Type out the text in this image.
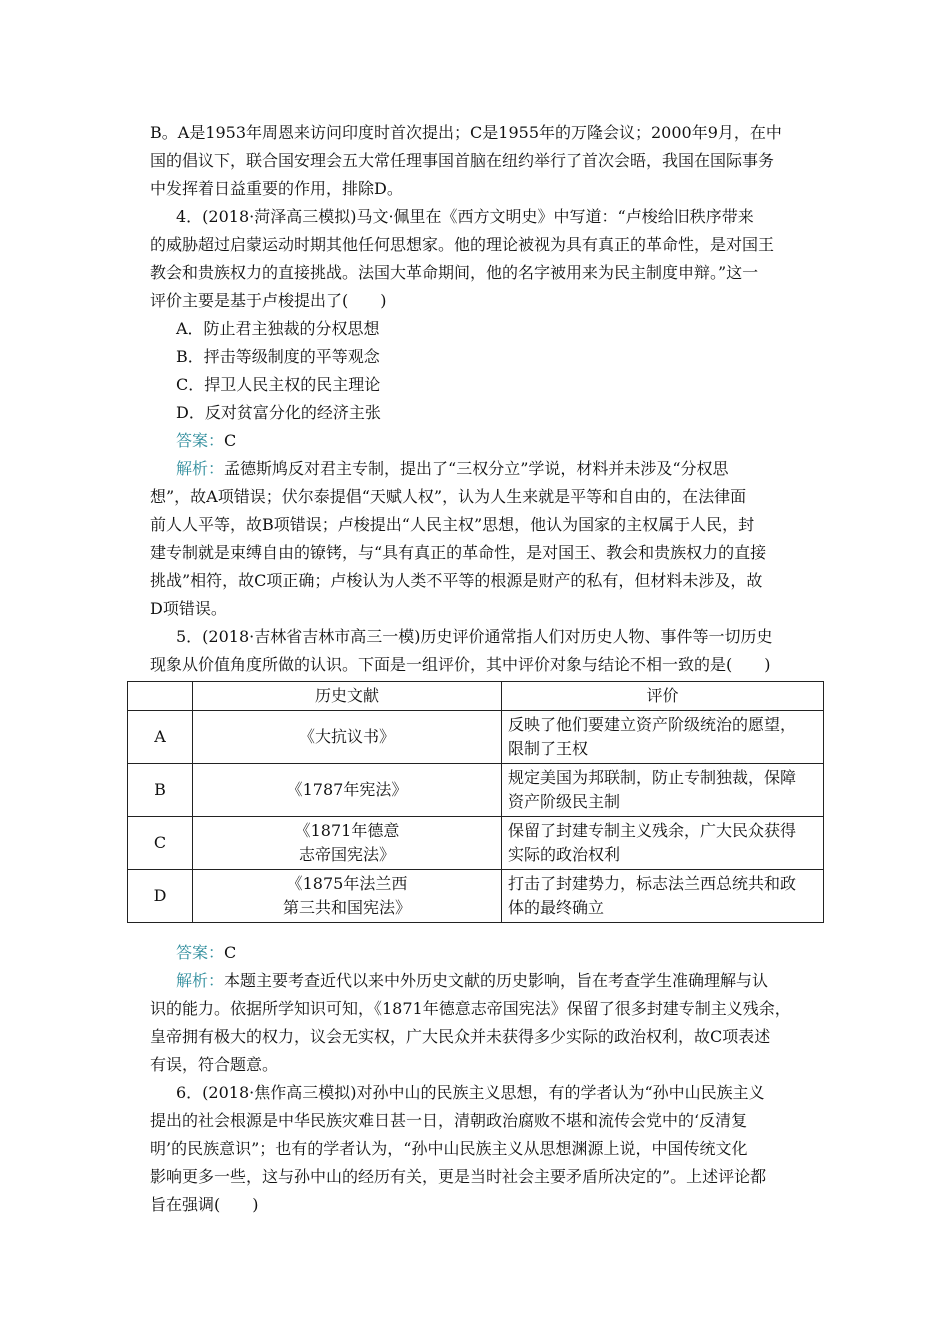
B。A是1953年周恩来访问印度时首次提出；C是1955年的万隆会议；2000年9月，在中
国的倡议下，联合国安理会五大常任理事国首脑在纽约举行了首次会晤，我国在国际事务
中发挥着日益重要的作用，排除D。
4．(2018·菏泽高三模拟)马文·佩里在《西方文明史》中写道：“卢梭给旧秩序带来
的威胁超过启蒙运动时期其他任何思想家。他的理论被视为具有真正的革命性，是对国王
教会和贵族权力的直接挑战。法国大革命期间，他的名字被用来为民主制度申辩。”这一
评价主要是基于卢梭提出了(　　)
A．防止君主独裁的分权思想
B．抨击等级制度的平等观念
C．捍卫人民主权的民主理论
D．反对贫富分化的经济主张
答案：C
解析：孟德斯鸠反对君主专制，提出了“三权分立”学说，材料并未涉及“分权思
想”，故A项错误；伏尔泰提倡“天赋人权”，认为人生来就是平等和自由的，在法律面
前人人平等，故B项错误；卢梭提出“人民主权”思想，他认为国家的主权属于人民，封
建专制就是束缚自由的镣铐，与“具有真正的革命性，是对国王、教会和贵族权力的直接
挑战”相符，故C项正确；卢梭认为人类不平等的根源是财产的私有，但材料未涉及，故
D项错误。
5．(2018·吉林省吉林市高三一模)历史评价通常指人们对历史人物、事件等一切历史
现象从价值角度所做的认识。下面是一组评价，其中评价对象与结论不相一致的是(　　)
	历史文献	评价
A	《大抗议书》	反映了他们要建立资产阶级统治的愿望，
限制了王权

B	《1787年宪法》	规定美国为邦联制，防止专制独裁，保障
资产阶级民主制

C	《1871年德意
志帝国宪法》	保留了封建专制主义残余，广大民众获得
实际的政治权利

D	《1875年法兰西
第三共和国宪法》	打击了封建势力，标志法兰西总统共和政
体的最终确立
答案：C
解析：本题主要考查近代以来中外历史文献的历史影响，旨在考查学生准确理解与认
识的能力。依据所学知识可知，《1871年德意志帝国宪法》保留了很多封建专制主义残余，
皇帝拥有极大的权力，议会无实权，广大民众并未获得多少实际的政治权利，故C项表述
有误，符合题意。
6．(2018·焦作高三模拟)对孙中山的民族主义思想，有的学者认为“孙中山民族主义
提出的社会根源是中华民族灾难日甚一日，清朝政治腐败不堪和流传会党中的‘反清复
明’的民族意识”；也有的学者认为，“孙中山民族主义从思想渊源上说，中国传统文化
影响更多一些，这与孙中山的经历有关，更是当时社会主要矛盾所决定的”。上述评论都
旨在强调(　　)
